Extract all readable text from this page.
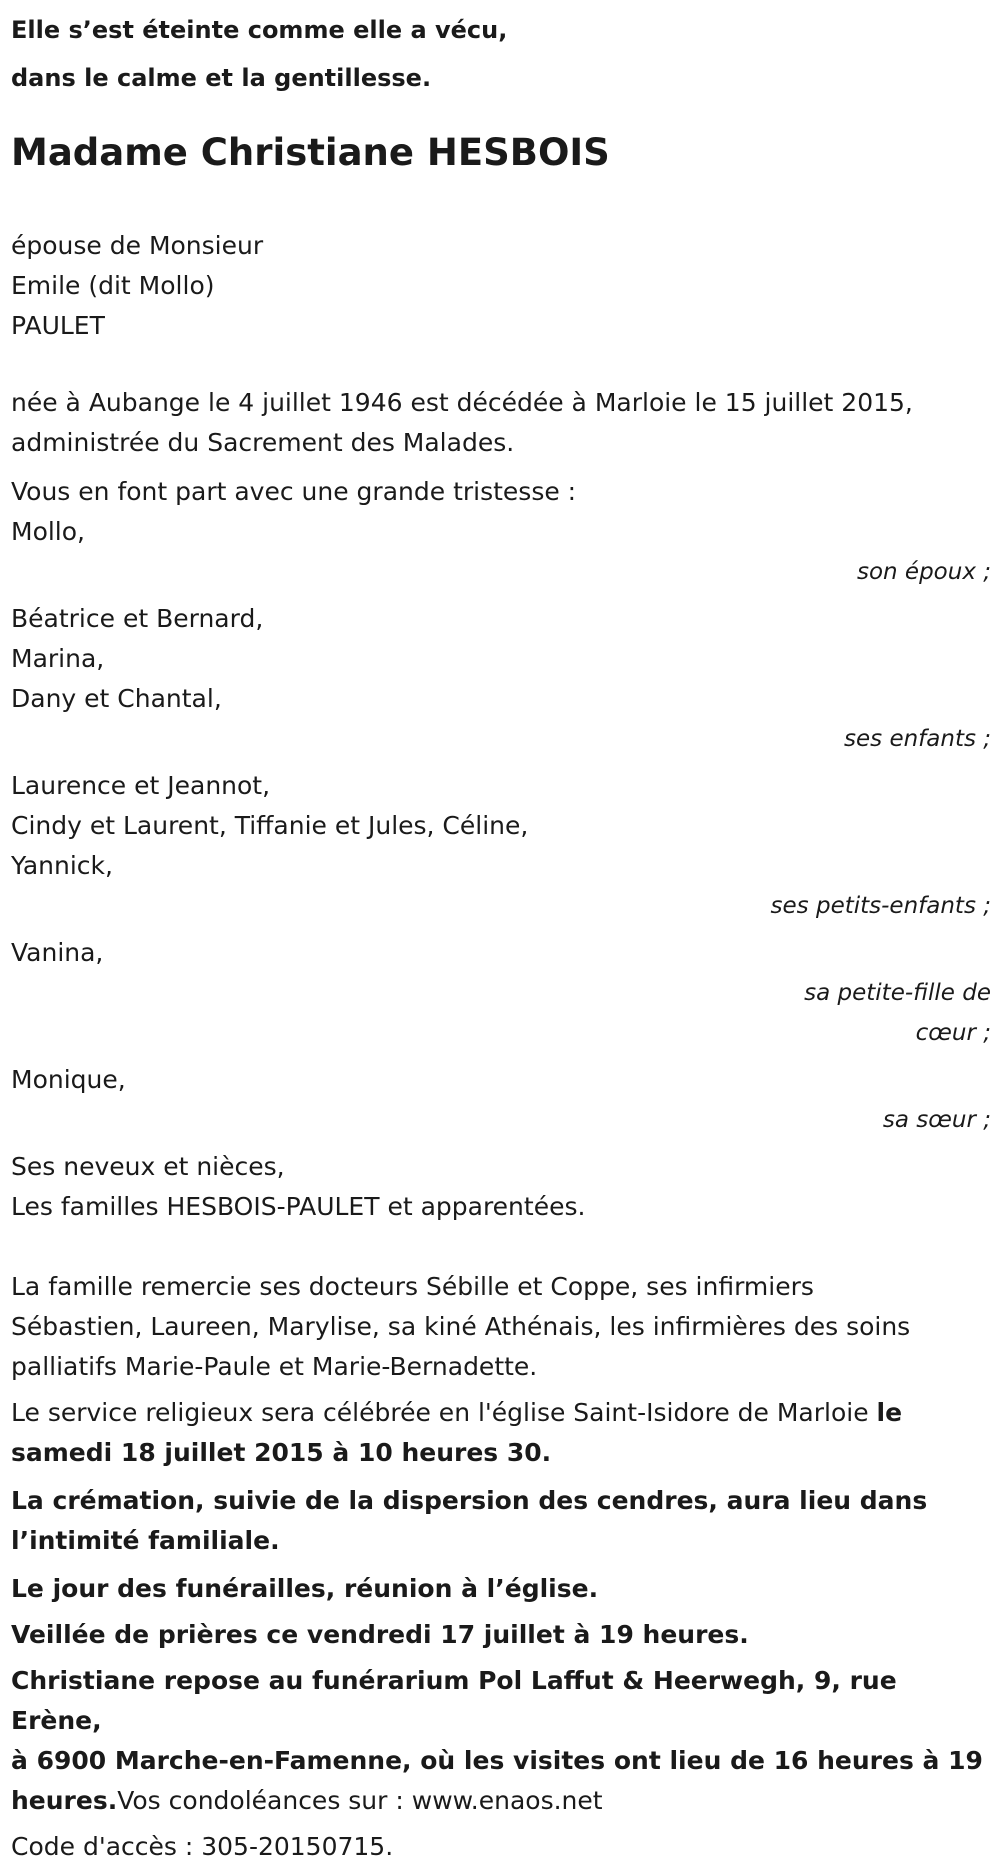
Elle s’est éteinte comme elle a vécu,
dans le calme et la gentillesse.
Madame Christiane HESBOIS
épouse de Monsieur
Emile (dit Mollo)
PAULET
née à Aubange le 4 juillet 1946 est décédée à Marloie le 15 juillet 2015,
administrée du Sacrement des Malades.
Vous en font part avec une grande tristesse :
Mollo,
son époux ;
Béatrice et Bernard,
Marina,
Dany et Chantal,
ses enfants ;
Laurence et Jeannot,
Cindy et Laurent, Tiffanie et Jules, Céline,
Yannick,
ses petits-enfants ;
Vanina,
sa petite-fille de
cœur ;
Monique,
sa sœur ;
Ses neveux et nièces,
Les familles HESBOIS-PAULET et apparentées.
La famille remercie ses docteurs Sébille et Coppe, ses infirmiers
Sébastien, Laureen, Marylise, sa kiné Athénais, les infirmières des soins
palliatifs Marie-Paule et Marie-Bernadette.
Le service religieux sera célébrée en l'église Saint-Isidore de Marloie le
samedi 18 juillet 2015 à 10 heures 30.
La crémation, suivie de la dispersion des cendres, aura lieu dans
l’intimité familiale.
Le jour des funérailles, réunion à l’église.
Veillée de prières ce vendredi 17 juillet à 19 heures.
Christiane repose au funérarium Pol Laffut & Heerwegh, 9, rue Erène,
à 6900 Marche-en-Famenne, où les visites ont lieu de 16 heures à 19
heures.Vos condoléances sur : www.enaos.net
Code d'accès : 305-20150715.
